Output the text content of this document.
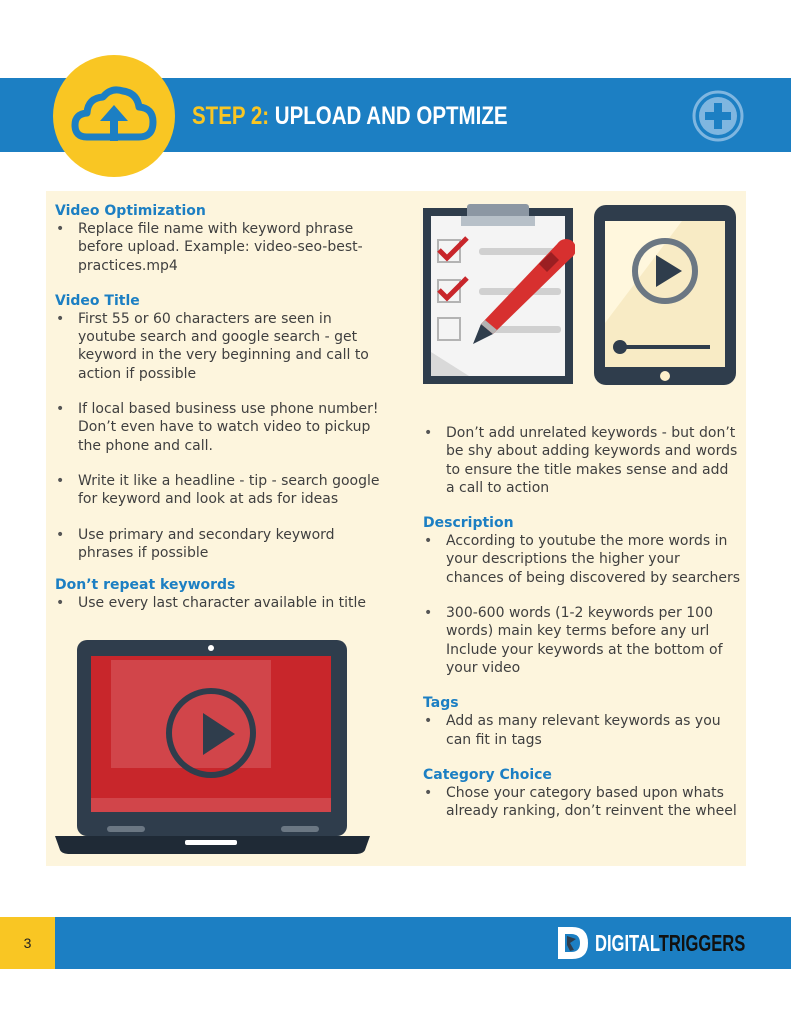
STEP 2: UPLOAD AND OPTMIZE

Video Optimization

• Replace file name with keyword phrase before upload. Example: video-seo-best-practices.mp4

Video Title

• First 55 or 60 characters are seen in youtube search and google search - get keyword in the very beginning and call to action if possible

• If local based business use phone number! Don’t even have to watch video to pickup the phone and call.

• Write it like a headline - tip - search google for keyword and look at ads for ideas

• Use primary and secondary keyword phrases if possible

Don’t repeat keywords

• Use every last character available in title

• Don’t add unrelated keywords - but don’t be shy about adding keywords and words to ensure the title makes sense and add a call to action

Description

• According to youtube the more words in your descriptions the higher your chances of being discovered by searchers

• 300-600 words (1-2 keywords per 100 words) main key terms before any url Include your keywords at the bottom of your video

Tags

• Add as many relevant keywords as you can fit in tags

Category Choice

• Chose your category based upon whats already ranking, don’t reinvent the wheel

3	DIGITALTRIGGERS
